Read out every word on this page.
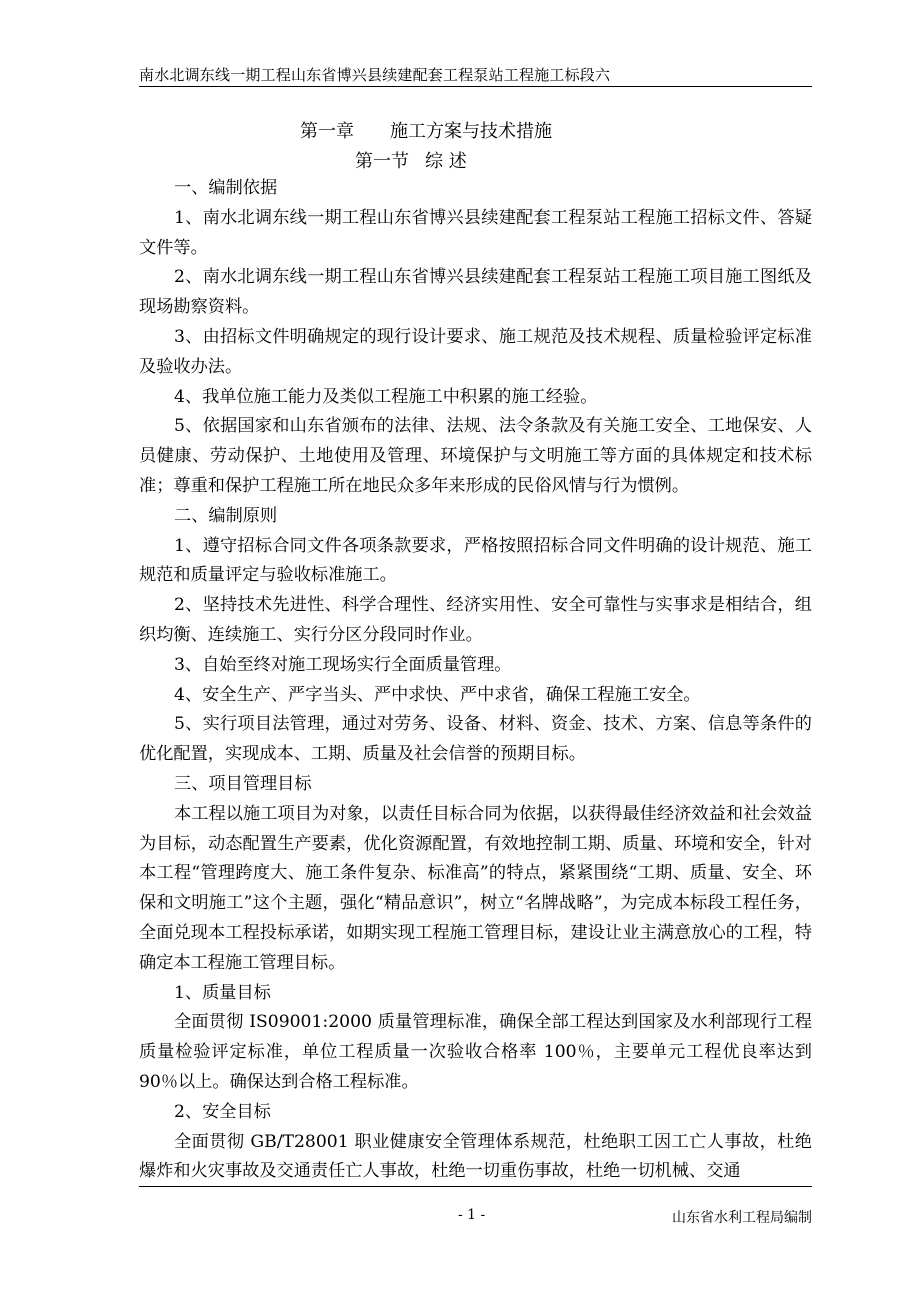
南水北调东线一期工程山东省博兴县续建配套工程泵站工程施工标段六
第一章 施工方案与技术措施
第一节 综 述

一、编制依据

1、南水北调东线一期工程山东省博兴县续建配套工程泵站工程施工招标文件、答疑文件等。

2、南水北调东线一期工程山东省博兴县续建配套工程泵站工程施工项目施工图纸及现场勘察资料。

3、由招标文件明确规定的现行设计要求、施工规范及技术规程、质量检验评定标准及验收办法。

4、我单位施工能力及类似工程施工中积累的施工经验。

5、依据国家和山东省颁布的法律、法规、法令条款及有关施工安全、工地保安、人员健康、劳动保护、土地使用及管理、环境保护与文明施工等方面的具体规定和技术标准；尊重和保护工程施工所在地民众多年来形成的民俗风情与行为惯例。

二、编制原则

1、遵守招标合同文件各项条款要求，严格按照招标合同文件明确的设计规范、施工规范和质量评定与验收标准施工。

2、坚持技术先进性、科学合理性、经济实用性、安全可靠性与实事求是相结合，组织均衡、连续施工、实行分区分段同时作业。

3、自始至终对施工现场实行全面质量管理。

4、安全生产、严字当头、严中求快、严中求省，确保工程施工安全。

5、实行项目法管理，通过对劳务、设备、材料、资金、技术、方案、信息等条件的优化配置，实现成本、工期、质量及社会信誉的预期目标。

三、项目管理目标

本工程以施工项目为对象，以责任目标合同为依据，以获得最佳经济效益和社会效益为目标，动态配置生产要素，优化资源配置，有效地控制工期、质量、环境和安全，针对本工程“管理跨度大、施工条件复杂、标准高”的特点，紧紧围绕“工期、质量、安全、环保和文明施工”这个主题，强化“精品意识”，树立“名牌战略”，为完成本标段工程任务，全面兑现本工程投标承诺，如期实现工程施工管理目标，建设让业主满意放心的工程，特确定本工程施工管理目标。

1、质量目标

全面贯彻 IS09001:2000 质量管理标准，确保全部工程达到国家及水利部现行工程质量检验评定标准，单位工程质量一次验收合格率 100％，主要单元工程优良率达到 90％以上。确保达到合格工程标准。

2、安全目标

全面贯彻 GB/T28001 职业健康安全管理体系规范，杜绝职工因工亡人事故，杜绝爆炸和火灾事故及交通责任亡人事故，杜绝一切重伤事故，杜绝一切机械、交通

- 1 -	山东省水利工程局编制
